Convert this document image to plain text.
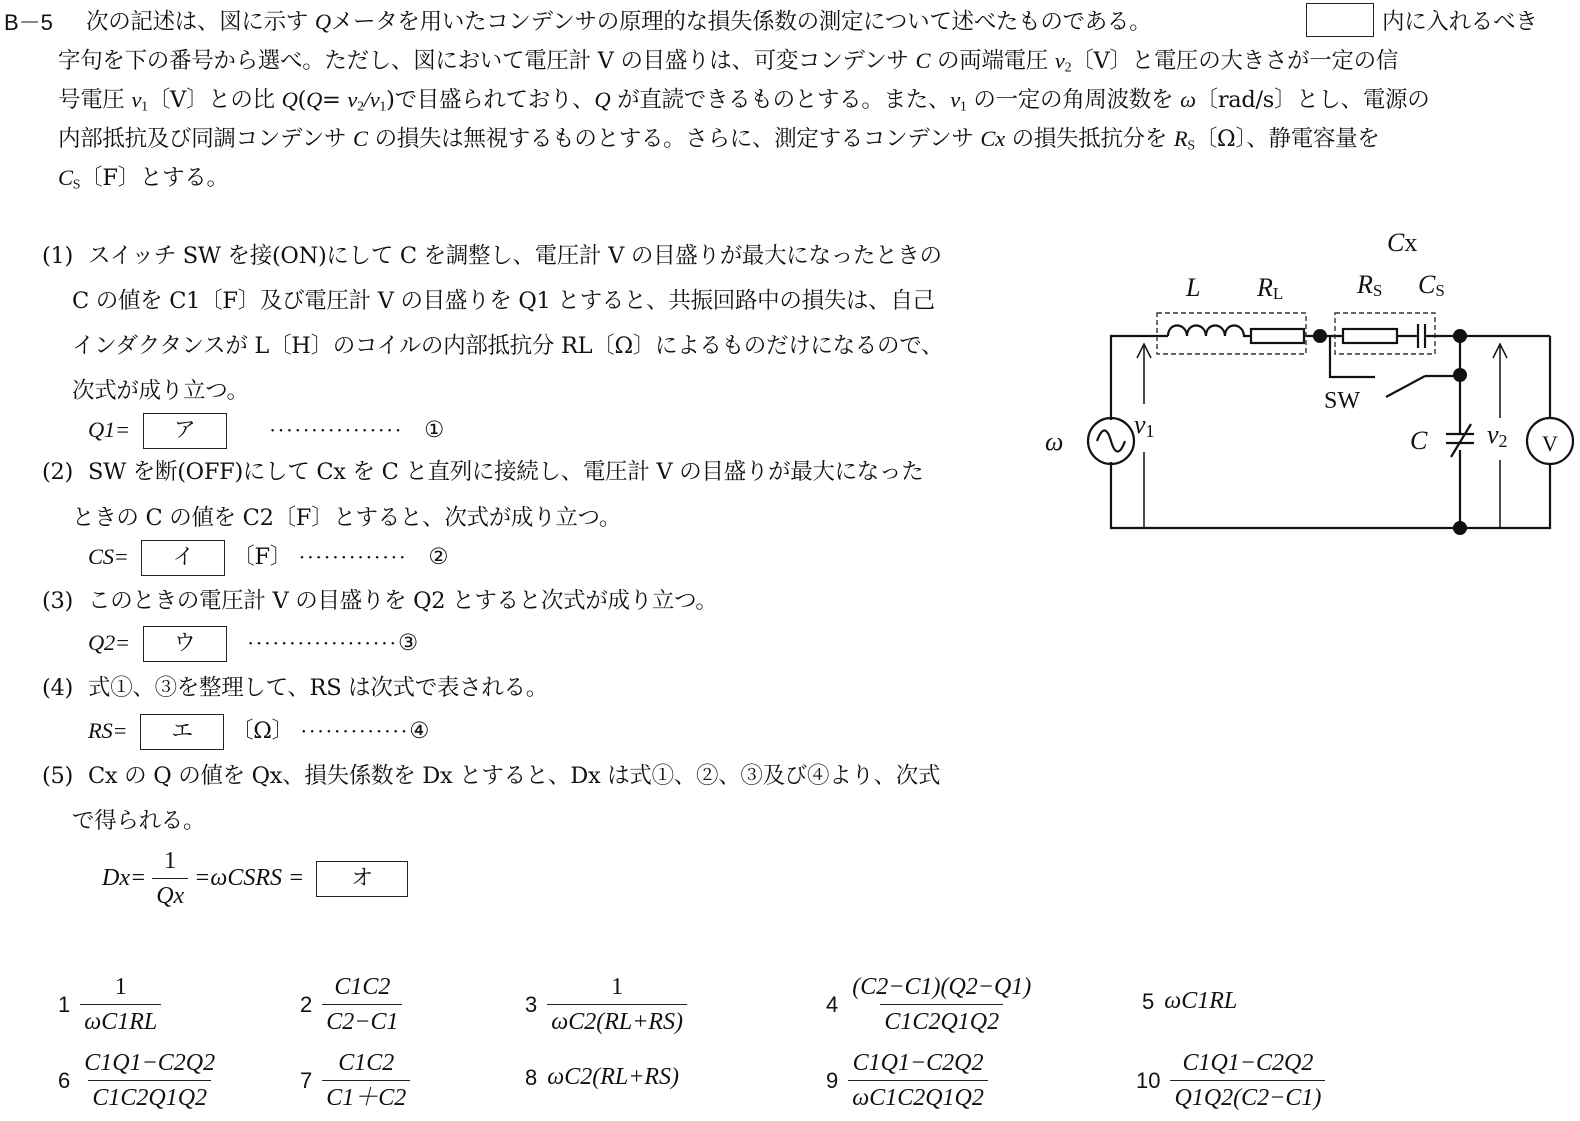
B－5 次の記述は、図に示す Qメータを用いたコンデンサの原理的な損失係数の測定について述べたものである。	内に入れるべき
字句を下の番号から選べ。ただし、図において電圧計 V の目盛りは、可変コンデンサ C の両端電圧 $v_2$〔V〕と電圧の大きさが一定の信
号電圧 $v_1$〔V〕との比 $Q(Q= v_2/v_1)$で目盛られており、Q が直読できるものとする。また、$v_1$ の一定の角周波数を ω〔rad/s〕とし、電源の
内部抵抗及び同調コンデンサ C の損失は無視するものとする。さらに、測定するコンデンサ Cx の損失抵抗分を $R_S$〔Ω〕、静電容量を
$C_S$〔F〕とする。
(1) スイッチ SW を接(ON)にして C を調整し、電圧計 V の目盛りが最大になったときの
C の値を C1〔F〕及び電圧計 V の目盛りを Q1 とすると、共振回路中の損失は、自己
インダクタンスが L〔H〕のコイルの内部抵抗分 RL〔Ω〕によるものだけになるので、
次式が成り立つ。
Q1= ア	················ ①
(2) SW を断(OFF)にして Cx を C と直列に接続し、電圧計 V の目盛りが最大になった
ときの C の値を C2〔F〕とすると、次式が成り立つ。
CS= イ 〔F〕 ············· ②
(3) このときの電圧計 V の目盛りを Q2 とすると次式が成り立つ。
Q2= ウ	··················③
(4) 式①、③を整理して、RS は次式で表される。
RS= エ 〔Ω〕 ·············④
(5) Cx の Q の値を Qx、損失係数を Dx とすると、Dx は式①、②、③及び④より、次式
で得られる。
$Dx= \frac{1}{Qx}$ =ωCSRS =	オ
Cx
L RL	RS CS
SW
ω
v1	C v2 V
$1 \frac{1}{\omega C1RL}$	$2 \frac{C1C2}{C2-C1}$	$3 \frac{1}{\omega C2(RL+RS)}$	$4 \frac{(C2-C1)(Q2-Q1)}{C1C2Q1Q2}$	5 ωC1RL
$6 \frac{C1Q1-C2Q2}{C1C2Q1Q2}$	$7 \frac{C1C2}{C1+C2}$	8 ωC2(RL+RS)	$9 \frac{C1Q1-C2Q2}{\omega C1C2Q1Q2}$	$10 \frac{C1Q1-C2Q2}{Q1Q2(C2-C1)}$
